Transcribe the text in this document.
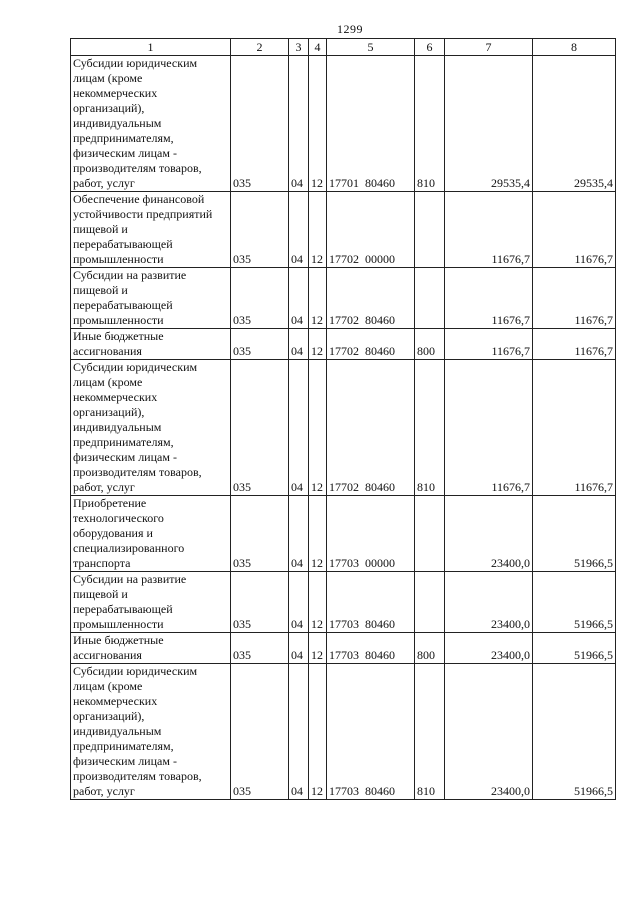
1299
1	2	3	4	5	6	7	8
Субсидии юридическим лицам (кроме некоммерческих организаций), индивидуальным предпринимателям, физическим лицам - производителям товаров, работ, услуг	035	04	12	17701  80460	810	29535,4	29535,4
Обеспечение финансовой устойчивости предприятий пищевой и перерабатывающей промышленности	035	04	12	17702  00000		11676,7	11676,7
Субсидии на развитие пищевой и перерабатывающей промышленности	035	04	12	17702  80460		11676,7	11676,7
Иные бюджетные ассигнования	035	04	12	17702  80460	800	11676,7	11676,7
Субсидии юридическим лицам (кроме некоммерческих организаций), индивидуальным предпринимателям, физическим лицам - производителям товаров, работ, услуг	035	04	12	17702  80460	810	11676,7	11676,7
Приобретение технологического оборудования и специализированного транспорта	035	04	12	17703  00000		23400,0	51966,5
Субсидии на развитие пищевой и перерабатывающей промышленности	035	04	12	17703  80460		23400,0	51966,5
Иные бюджетные ассигнования	035	04	12	17703  80460	800	23400,0	51966,5
Субсидии юридическим лицам (кроме некоммерческих организаций), индивидуальным предпринимателям, физическим лицам - производителям товаров, работ, услуг	035	04	12	17703  80460	810	23400,0	51966,5
